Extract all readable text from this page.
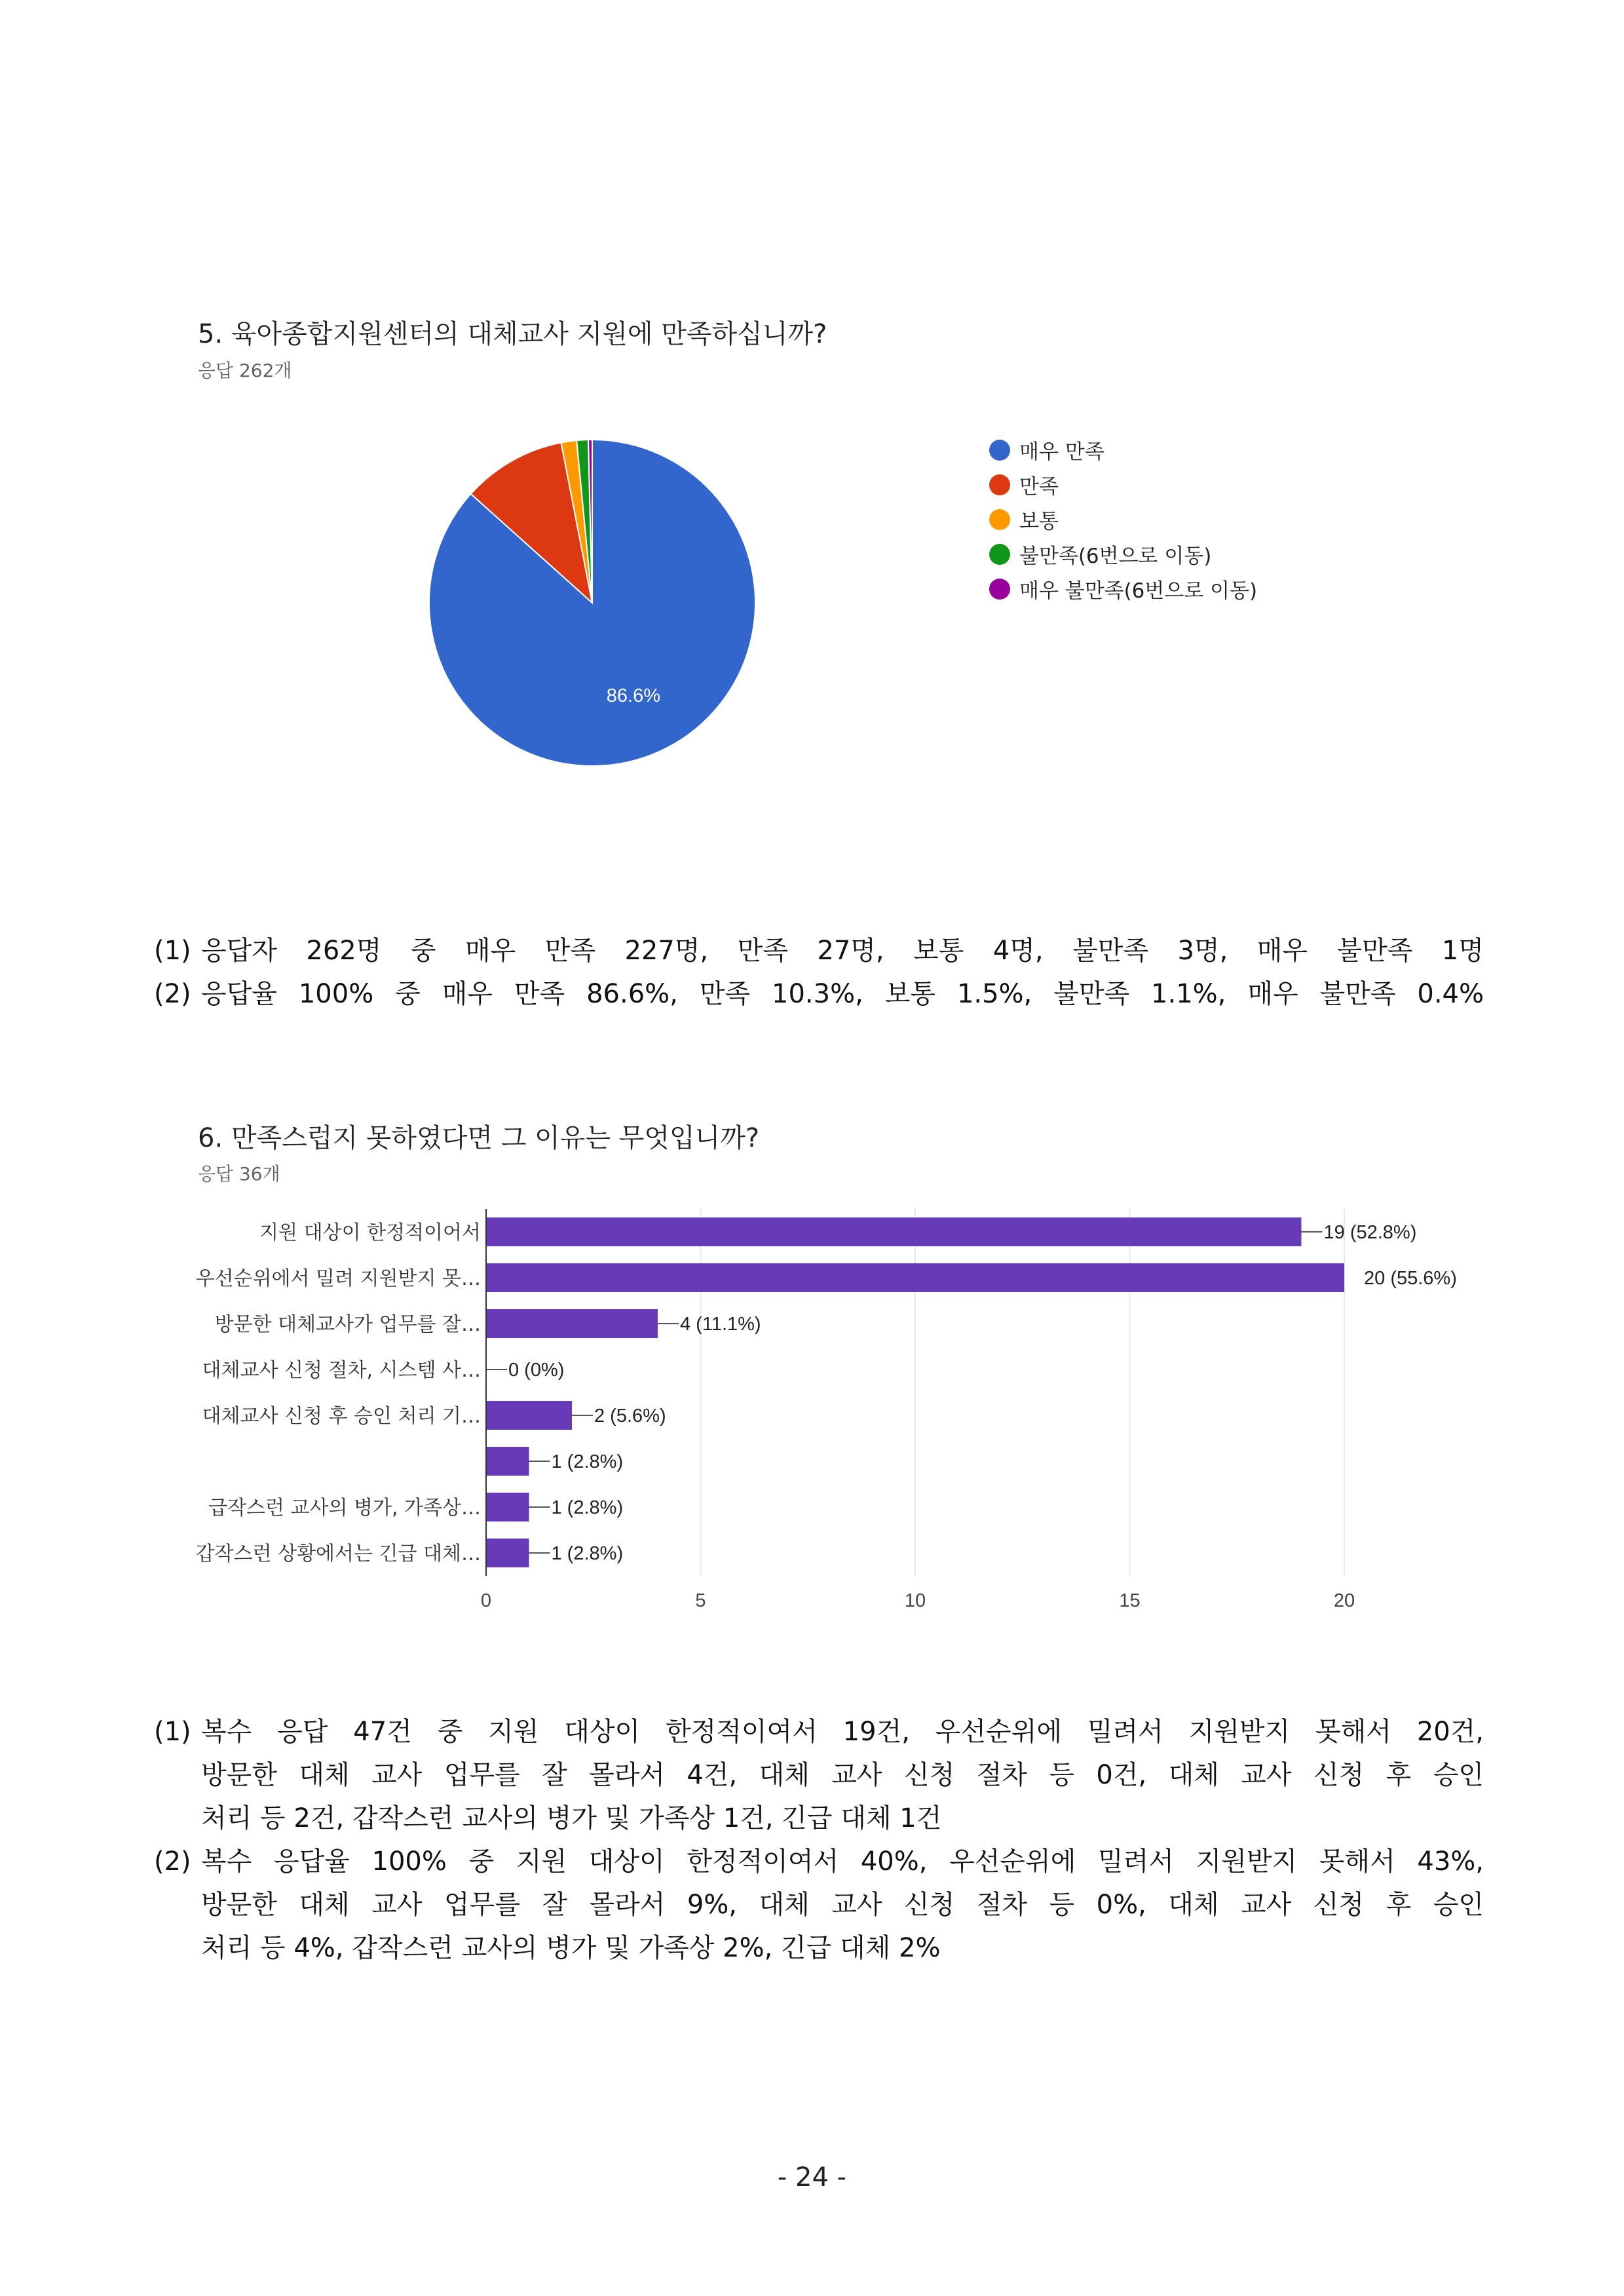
5. 육아종합지원센터의 대체교사 지원에 만족하십니까?
응답 262개
86.6%
매우 만족
만족
보통
불만족(6번으로 이동)
매우 불만족(6번으로 이동)
(1) 응답자 262명 중 매우 만족 227명, 만족 27명, 보통 4명, 불만족 3명, 매우 불만족 1명
(2) 응답율 100% 중 매우 만족 86.6%, 만족 10.3%, 보통 1.5%, 불만족 1.1%, 매우 불만족 0.4%
6. 만족스럽지 못하였다면 그 이유는 무엇입니까?
응답 36개
0	5	10	15	20
19 (52.8%)
지원 대상이 한정적이어서
20 (55.6%)
우선순위에서 밀려 지원받지 못…
4 (11.1%)
방문한 대체교사가 업무를 잘…
0 (0%)
대체교사 신청 절차, 시스템 사…
2 (5.6%)
대체교사 신청 후 승인 처리 기…
1 (2.8%)
1 (2.8%)
급작스런 교사의 병가, 가족상…
1 (2.8%)
갑작스런 상황에서는 긴급 대체…
(1) 복수 응답 47건 중 지원 대상이 한정적이여서 19건, 우선순위에 밀려서 지원받지 못해서 20건,
방문한 대체 교사 업무를 잘 몰라서 4건, 대체 교사 신청 절차 등 0건, 대체 교사 신청 후 승인
처리 등 2건, 갑작스런 교사의 병가 및 가족상 1건, 긴급 대체 1건
(2) 복수 응답율 100% 중 지원 대상이 한정적이여서 40%, 우선순위에 밀려서 지원받지 못해서 43%,
방문한 대체 교사 업무를 잘 몰라서 9%, 대체 교사 신청 절차 등 0%, 대체 교사 신청 후 승인
처리 등 4%, 갑작스런 교사의 병가 및 가족상 2%, 긴급 대체 2%
- 24 -
